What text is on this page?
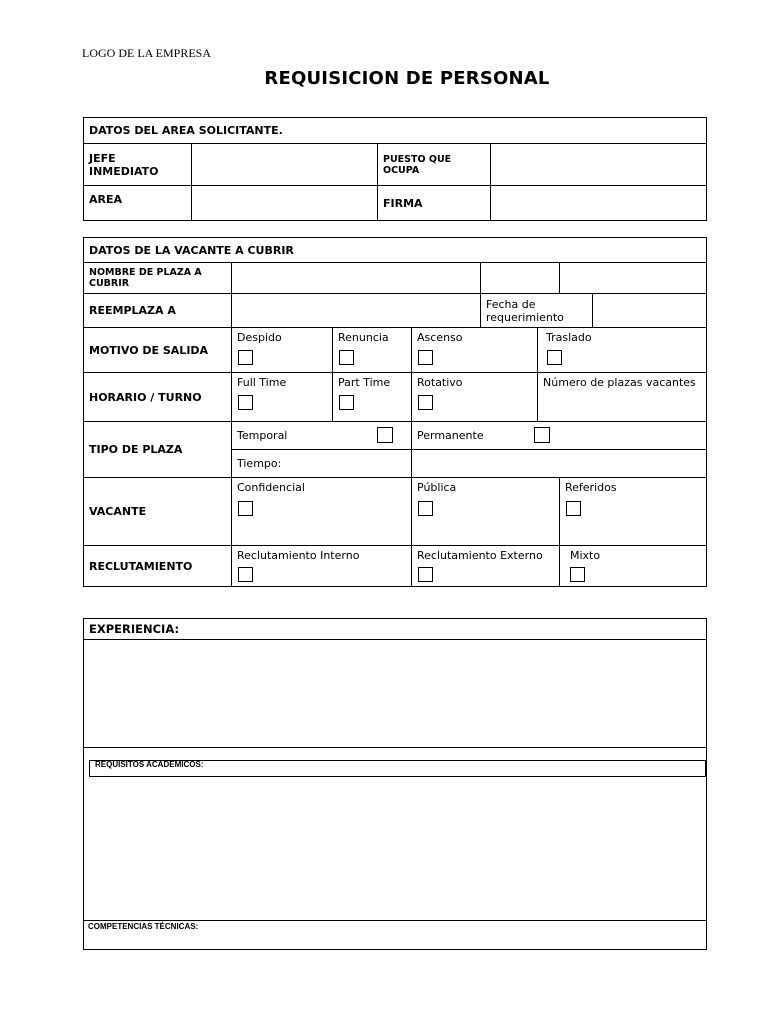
LOGO DE LA EMPRESA
REQUISICION DE PERSONAL
DATOS DEL AREA SOLICITANTE.			
JEFE INMEDIATO		PUESTO QUE OCUPA	
AREA		FIRMA	
DATOS DE LA VACANTE A CUBRIR							
NOMBRE DE PLAZA A CUBRIR							
REEMPLAZA A				Fecha de requerimiento			
MOTIVO DE SALIDA	Despido	Renuncia	Ascenso		Traslado		

HORARIO / TURNO	Full Time	Part Time	Rotativo		Número de plazas vacantes		
TIPO DE PLAZA	Temporal		Permanente				

	Tiempo:						
VACANTE	Confidencial		Pública			Referidos	

RECLUTAMIENTO	Reclutamiento Interno		Reclutamiento Externo			Mixto	
EXPERIENCIA:
REQUISITOS ACADEMICOS:
COMPETENCIAS TÉCNICAS:
